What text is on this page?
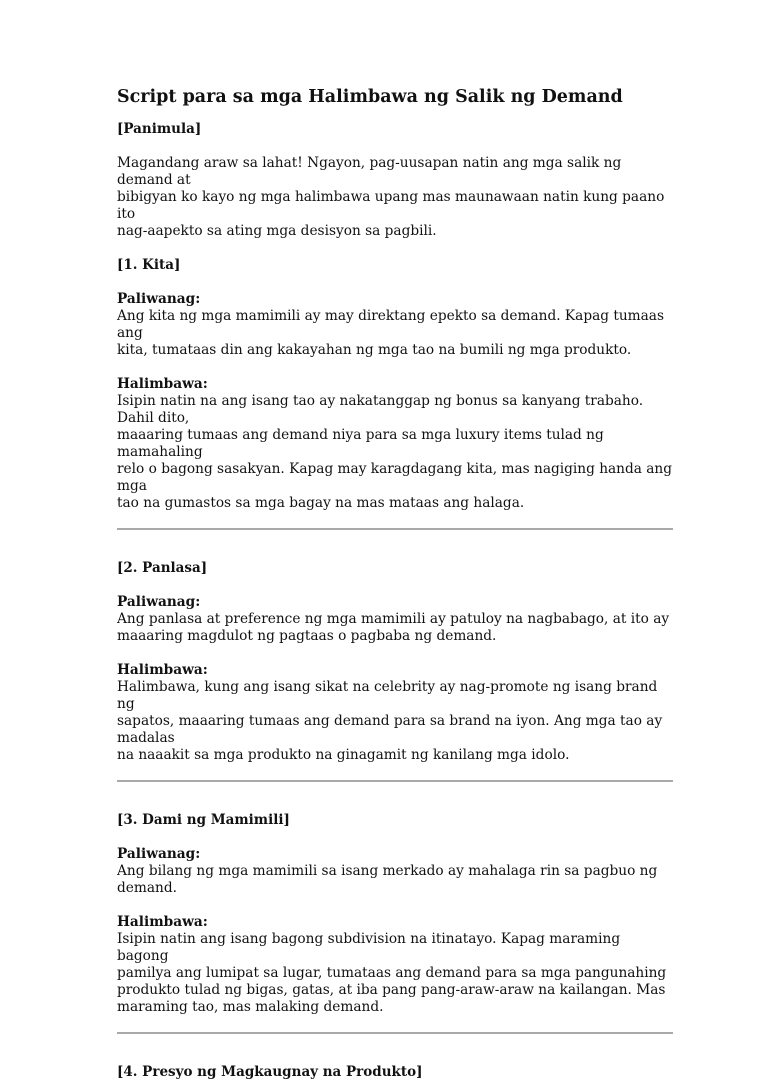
Script para sa mga Halimbawa ng Salik ng Demand

[Panimula]

Magandang araw sa lahat! Ngayon, pag-uusapan natin ang mga salik ng demand at

bibigyan ko kayo ng mga halimbawa upang mas maunawaan natin kung paano ito

nag-aapekto sa ating mga desisyon sa pagbili.

[1. Kita]

Paliwanag:

Ang kita ng mga mamimili ay may direktang epekto sa demand. Kapag tumaas ang

kita, tumataas din ang kakayahan ng mga tao na bumili ng mga produkto.

Halimbawa:

Isipin natin na ang isang tao ay nakatanggap ng bonus sa kanyang trabaho. Dahil dito,

maaaring tumaas ang demand niya para sa mga luxury items tulad ng mamahaling

relo o bagong sasakyan. Kapag may karagdagang kita, mas nagiging handa ang mga

tao na gumastos sa mga bagay na mas mataas ang halaga.

[2. Panlasa]

Paliwanag:

Ang panlasa at preference ng mga mamimili ay patuloy na nagbabago, at ito ay

maaaring magdulot ng pagtaas o pagbaba ng demand.

Halimbawa:

Halimbawa, kung ang isang sikat na celebrity ay nag-promote ng isang brand ng

sapatos, maaaring tumaas ang demand para sa brand na iyon. Ang mga tao ay madalas

na naaakit sa mga produkto na ginagamit ng kanilang mga idolo.

[3. Dami ng Mamimili]

Paliwanag:

Ang bilang ng mga mamimili sa isang merkado ay mahalaga rin sa pagbuo ng

demand.

Halimbawa:

Isipin natin ang isang bagong subdivision na itinatayo. Kapag maraming bagong

pamilya ang lumipat sa lugar, tumataas ang demand para sa mga pangunahing

produkto tulad ng bigas, gatas, at iba pang pang-araw-araw na kailangan. Mas

maraming tao, mas malaking demand.

[4. Presyo ng Magkaugnay na Produkto]
